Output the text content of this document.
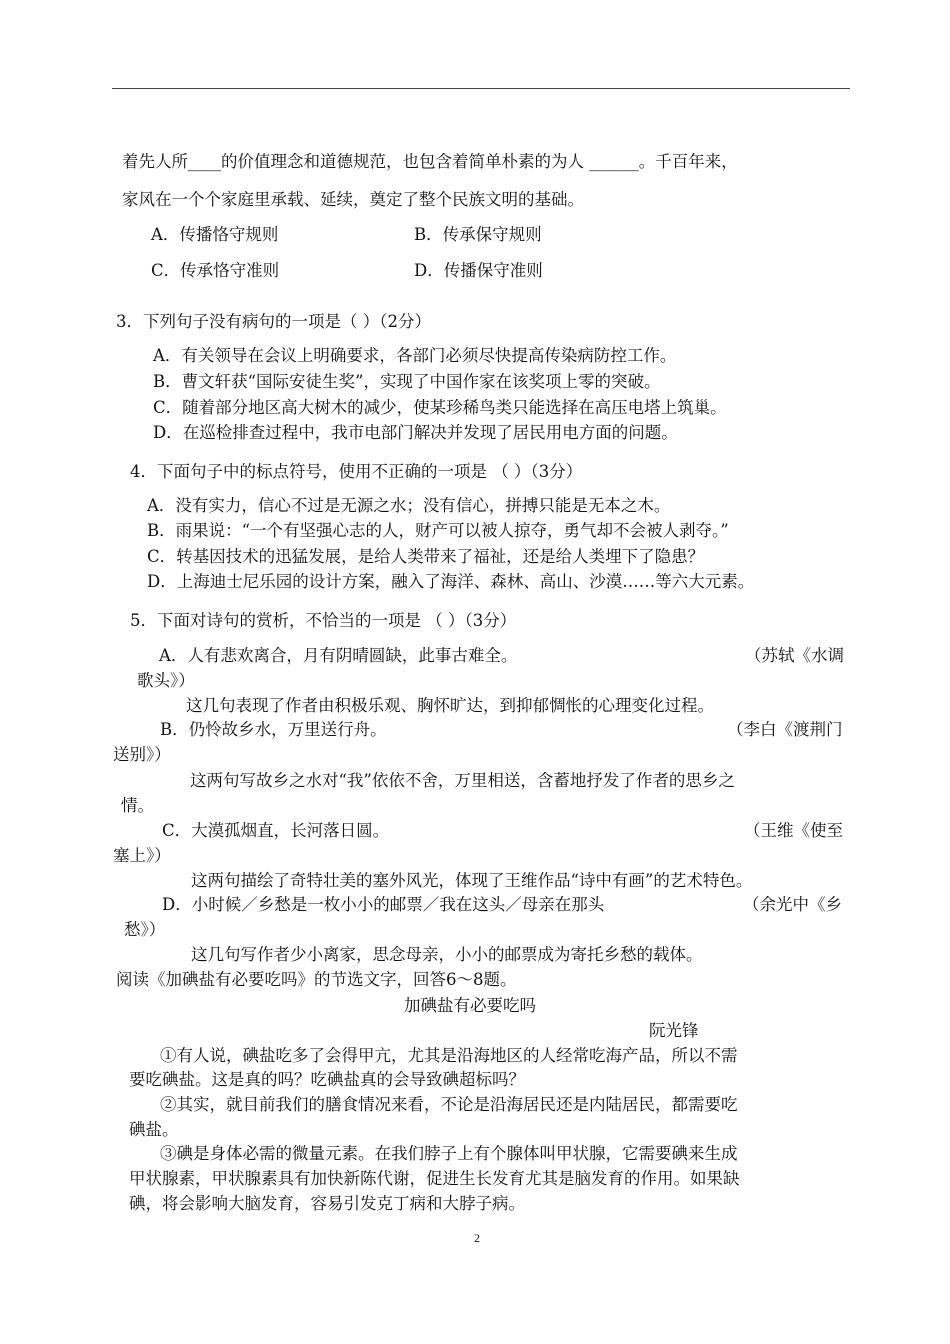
着先人所____的价值理念和道德规范，也包含着简单朴素的为人 ______。千百年来，
家风在一个个家庭里承载、延续，奠定了整个民族文明的基础。
A．传播恪守规则	B．传承保守规则
C．传承恪守准则	D．传播保守准则
3．下列句子没有病句的一项是（ ）（2分）
A．有关领导在会议上明确要求，各部门必须尽快提高传染病防控工作。
B．曹文轩获“国际安徒生奖”，实现了中国作家在该奖项上零的突破。
C．随着部分地区高大树木的减少，使某珍稀鸟类只能选择在高压电塔上筑巢。
D．在巡检排查过程中，我市电部门解决并发现了居民用电方面的问题。
4．下面句子中的标点符号，使用不正确的一项是 （ ）（3分）
A．没有实力，信心不过是无源之水；没有信心，拼搏只能是无本之木。
B．雨果说：“一个有坚强心志的人，财产可以被人掠夺，勇气却不会被人剥夺。”
C．转基因技术的迅猛发展，是给人类带来了福祉，还是给人类埋下了隐患？
D．上海迪士尼乐园的设计方案，融入了海洋、森林、高山、沙漠……等六大元素。
5．下面对诗句的赏析，不恰当的一项是 （ ）（3分）
A．人有悲欢离合，月有阴晴圆缺，此事古难全。	（苏轼《水调
歌头》）
这几句表现了作者由积极乐观、胸怀旷达，到抑郁惆怅的心理变化过程。
B．仍怜故乡水，万里送行舟。	（李白《渡荆门
送别》）
这两句写故乡之水对“我”依依不舍，万里相送，含蓄地抒发了作者的思乡之
情。
C．大漠孤烟直，长河落日圆。	（王维《使至
塞上》）
这两句描绘了奇特壮美的塞外风光，体现了王维作品“诗中有画”的艺术特色。
D．小时候／乡愁是一枚小小的邮票／我在这头／母亲在那头	（余光中《乡
愁》）
这几句写作者少小离家，思念母亲，小小的邮票成为寄托乡愁的载体。
阅读《加碘盐有必要吃吗》的节选文字，回答6～8题。
加碘盐有必要吃吗
阮光锋
①有人说，碘盐吃多了会得甲亢，尤其是沿海地区的人经常吃海产品，所以不需
要吃碘盐。这是真的吗？吃碘盐真的会导致碘超标吗？
②其实，就目前我们的膳食情况来看，不论是沿海居民还是内陆居民，都需要吃
碘盐。
③碘是身体必需的微量元素。在我们脖子上有个腺体叫甲状腺，它需要碘来生成
甲状腺素，甲状腺素具有加快新陈代谢，促进生长发育尤其是脑发育的作用。如果缺
碘，将会影响大脑发育，容易引发克丁病和大脖子病。
2
